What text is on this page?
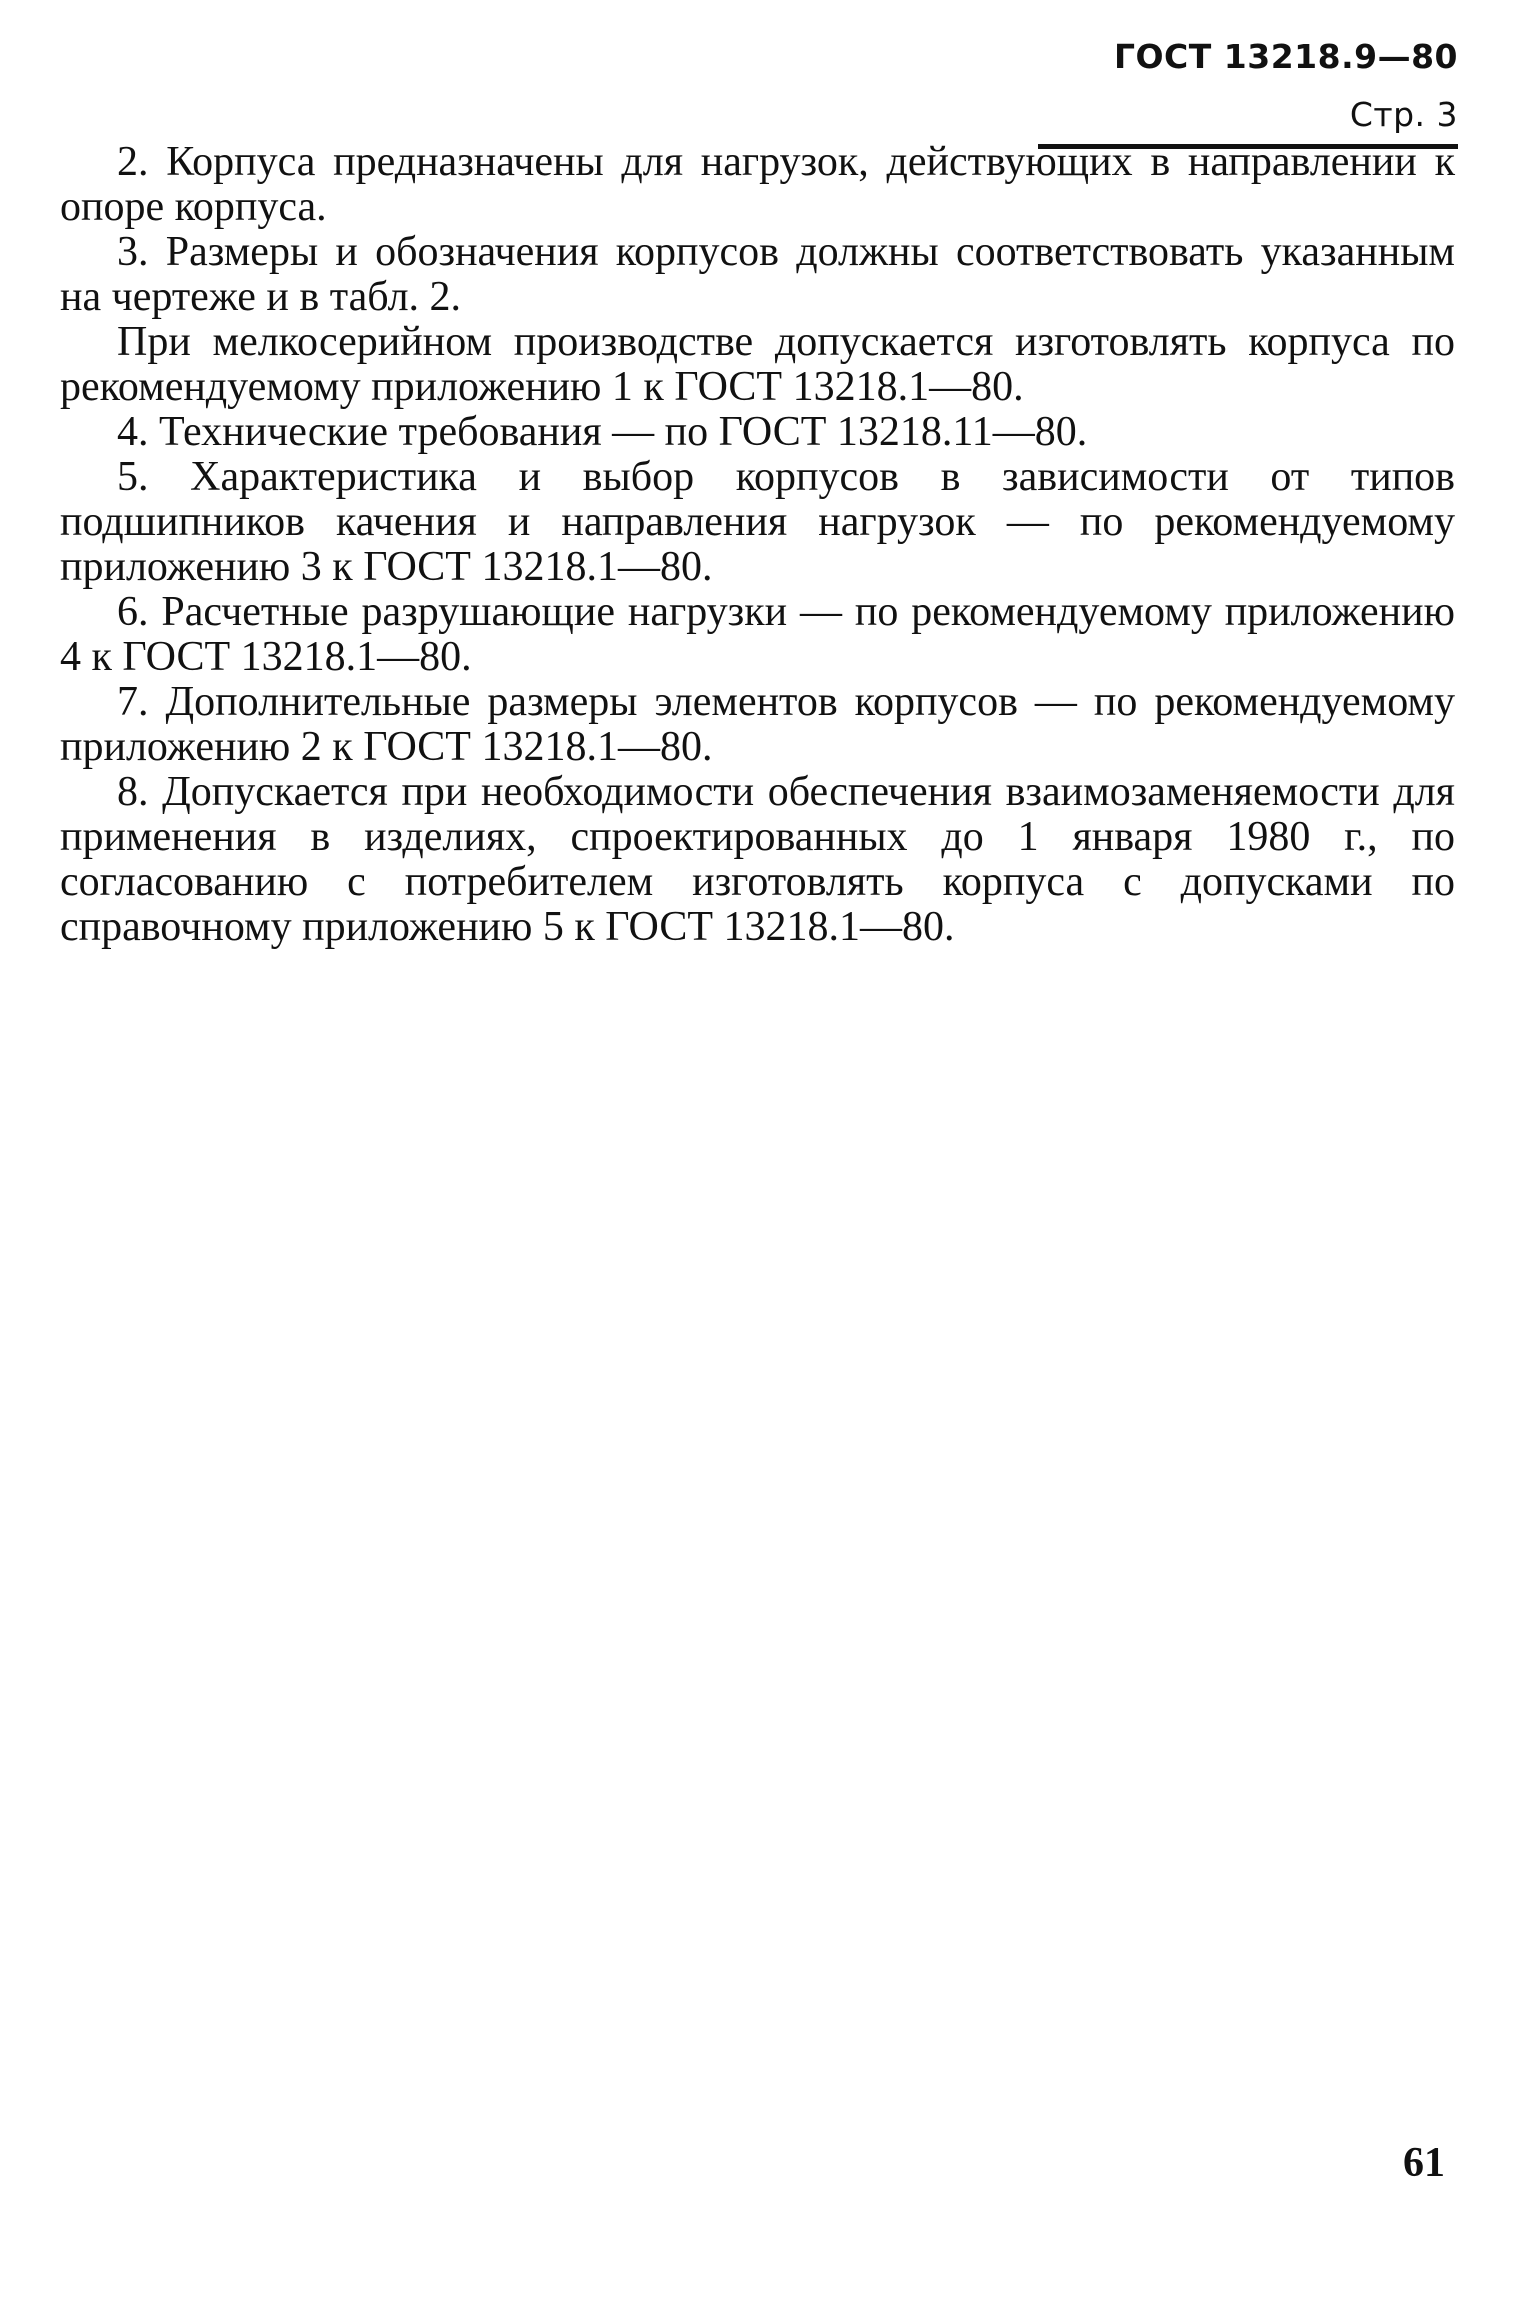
ГОСТ 13218.9—80 Стр. 3

2. Корпуса предназначены для нагрузок, действующих в направлении к опоре корпуса.

3. Размеры и обозначения корпусов должны соответствовать указанным на чертеже и в табл. 2.

При мелкосерийном производстве допускается изготовлять корпуса по рекомендуемому приложению 1 к ГОСТ 13218.1—80.

4. Технические требования — по ГОСТ 13218.11—80.

5. Характеристика и выбор корпусов в зависимости от типов подшипников качения и направления нагрузок — по рекомендуемому приложению 3 к ГОСТ 13218.1—80.

6. Расчетные разрушающие нагрузки — по рекомендуемому приложению 4 к ГОСТ 13218.1—80.

7. Дополнительные размеры элементов корпусов — по рекомендуемому приложению 2 к ГОСТ 13218.1—80.

8. Допускается при необходимости обеспечения взаимозаменяемости для применения в изделиях, спроектированных до 1 января 1980 г., по согласованию с потребителем изготовлять корпуса с допусками по справочному приложению 5 к ГОСТ 13218.1—80.

61
